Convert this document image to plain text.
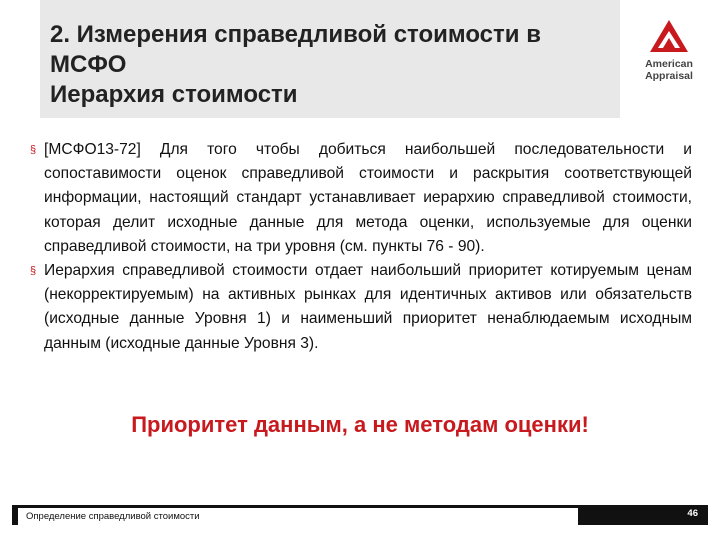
2. Измерения справедливой стоимости в
МСФО
Иерархия стоимости
American
Appraisal
§ [МСФО13-72] Для того чтобы добиться наибольшей последовательности и сопоставимости оценок справедливой стоимости и раскрытия соответствующей информации, настоящий стандарт устанавливает иерархию справедливой стоимости, которая делит исходные данные для метода оценки, используемые для оценки справедливой стоимости, на три уровня (см. пункты 76 - 90).
§ Иерархия справедливой стоимости отдает наибольший приоритет котируемым ценам (некорректируемым) на активных рынках для идентичных активов или обязательств (исходные данные Уровня 1) и наименьший приоритет ненаблюдаемым исходным данным (исходные данные Уровня 3).
Приоритет данным, а не методам оценки!
Определение справедливой стоимости	46
